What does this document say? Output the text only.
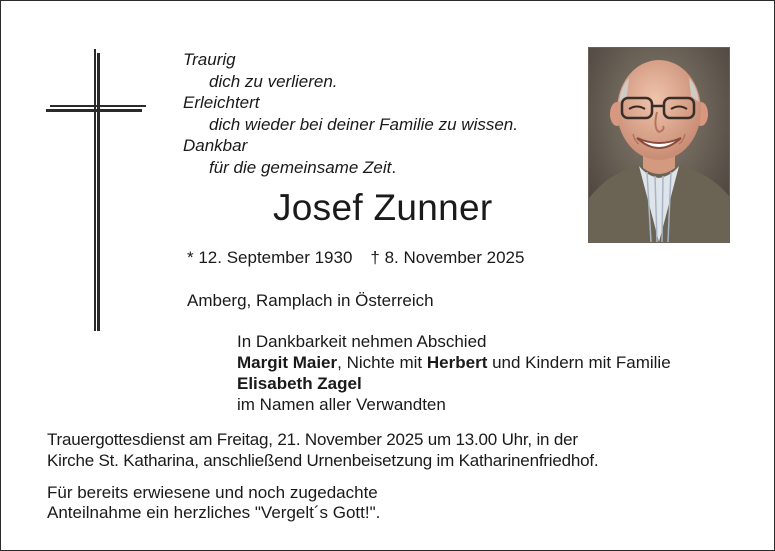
Traurig
dich zu verlieren.
Erleichtert
dich wieder bei deiner Familie zu wissen.
Dankbar
für die gemeinsame Zeit.
Josef Zunner
* 12. September 1930 † 8. November 2025
Amberg, Ramplach in Österreich
In Dankbarkeit nehmen Abschied
Margit Maier, Nichte mit Herbert und Kindern mit Familie
Elisabeth Zagel
im Namen aller Verwandten
Trauergottesdienst am Freitag, 21. November 2025 um 13.00 Uhr, in der
Kirche St. Katharina, anschließend Urnenbeisetzung im Katharinenfriedhof.
Für bereits erwiesene und noch zugedachte
Anteilnahme ein herzliches "Vergelt´s Gott!".
